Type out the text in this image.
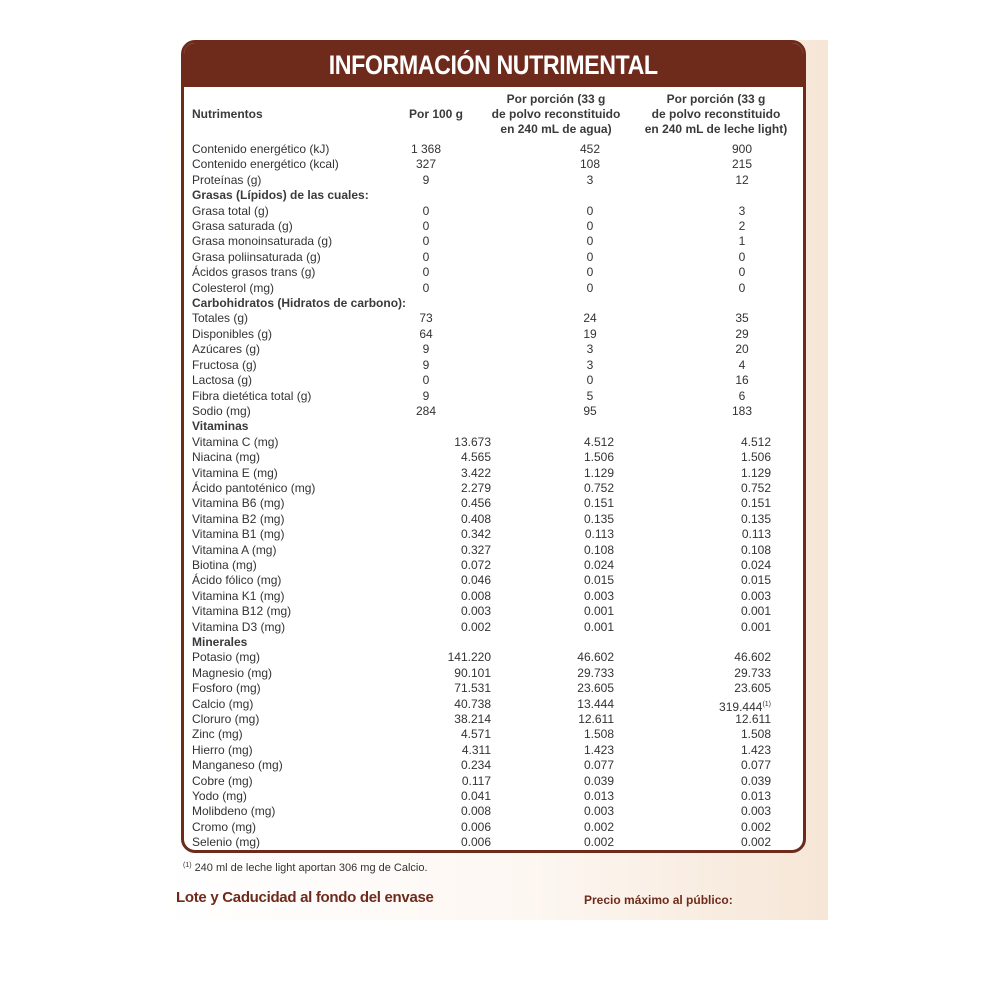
INFORMACIÓN NUTRIMENTAL
Nutrimentos	Por 100 g
Por porción (33 g
de polvo reconstituido
en 240 mL de agua)
Por porción (33 g
de polvo reconstituido
en 240 mL de leche light)
Contenido energético (kJ)	1 368	452	900
Contenido energético (kcal)	327	108	215
Proteínas (g)	9	3	12
Grasas (Lípidos) de las cuales:
Grasa total (g)	0	0	3
Grasa saturada (g)	0	0	2
Grasa monoinsaturada (g)	0	0	1
Grasa poliinsaturada (g)	0	0	0
Ácidos grasos trans (g)	0	0	0
Colesterol (mg)	0	0	0
Carbohidratos (Hidratos de carbono):
Totales (g)	73	24	35
Disponibles (g)	64	19	29
Azúcares (g)	9	3	20
Fructosa (g)	9	3	4
Lactosa (g)	0	0	16
Fibra dietética total (g)	9	5	6
Sodio (mg)	284	95	183
Vitaminas
Vitamina C (mg)	13.673	4.512	4.512
Niacina (mg)	4.565	1.506	1.506
Vitamina E (mg)	3.422	1.129	1.129
Ácido pantoténico (mg)	2.279	0.752	0.752
Vitamina B6 (mg)	0.456	0.151	0.151
Vitamina B2 (mg)	0.408	0.135	0.135
Vitamina B1 (mg)	0.342	0.113	0.113
Vitamina A (mg)	0.327	0.108	0.108
Biotina (mg)	0.072	0.024	0.024
Ácido fólico (mg)	0.046	0.015	0.015
Vitamina K1 (mg)	0.008	0.003	0.003
Vitamina B12 (mg)	0.003	0.001	0.001
Vitamina D3 (mg)	0.002	0.001	0.001
Minerales
Potasio (mg)	141.220	46.602	46.602
Magnesio (mg)	90.101	29.733	29.733
Fosforo (mg)	71.531	23.605	23.605
Calcio (mg)	40.738	13.444	319.444$^{(1)}$
Cloruro (mg)	38.214	12.611	12.611
Zinc (mg)	4.571	1.508	1.508
Hierro (mg)	4.311	1.423	1.423
Manganeso (mg)	0.234	0.077	0.077
Cobre (mg)	0.117	0.039	0.039
Yodo (mg)	0.041	0.013	0.013
Molibdeno (mg)	0.008	0.003	0.003
Cromo (mg)	0.006	0.002	0.002
Selenio (mg)	0.006	0.002	0.002
$^{(1)}$ 240 ml de leche light aportan 306 mg de Calcio.
Lote y Caducidad al fondo del envase	Precio máximo al público:
